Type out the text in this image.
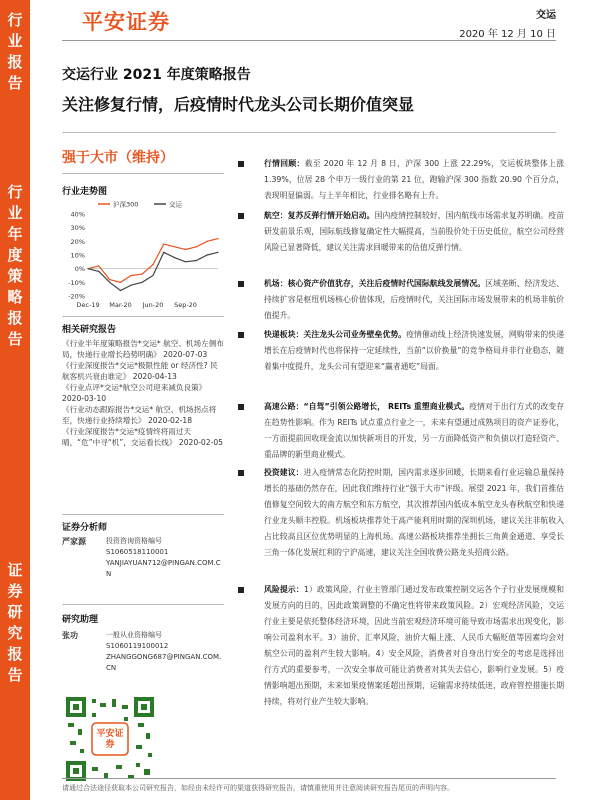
行
业
报
告
行
业
年
度
策
略
报
告
证
券
研
究
报
告
平安证券	交运
2020 年 12 月 10 日
交运行业 2021 年度策略报告
关注修复行情，后疫情时代龙头公司长期价值突显
强于大市（维持）
行业走势图
40%
30%
20%
10%
0%
-10%
-20%
Dec-19 Mar-20 Jun-20 Sep-20
沪深300	交运
相关研究报告
《行业半年度策略报告*交运* 航空、机场左侧布局，快递行业增长趋势明确》 2020-07-03
《行业深度报告*交运*极限性能 or 经济性? 民航客机兴衰由谁定》 2020-04-13
《行业点评*交运*航空公司迎来减负良策》 2020-03-10
《行业动态跟踪报告*交运* 航空、机场拐点将至，快递行业持续增长》 2020-02-18
《行业深度报告*交运*疫情终将雨过天晴，“危”中寻“机”，交运看长线》 2020-02-05
证券分析师
严家源	投资咨询资格编号
S1060518110001
YANJIAYUAN712@PINGAN.COM.CN
研究助理
张功	一般从业资格编号
S1060119100012
ZHANGGONG687@PINGAN.COM.CN
平安证券
行情回顾：截至 2020 年 12 月 8 日，沪深 300 上涨 22.29%，交运板块整体上涨 1.39%，位居 28 个申万一级行业的第 21 位，跑输沪深 300 指数 20.90 个百分点，表现明显偏弱。与上半年相比，行业排名略有上升。
航空：复苏反弹行情开始启动。国内疫情控制较好，国内航线市场需求复苏明确。疫苗研发前景乐观，国际航线修复确定性大幅提高，当前股价处于历史低位，航空公司经营风险已显著降低，建议关注需求回暖带来的估值反弹行情。
机场：核心资产价值犹存，关注后疫情时代国际航线发展情况。区域垄断、经济发达、持续扩容是枢纽机场核心价值体现，后疫情时代，关注国际市场发展带来的机场非航价值提升。
快递板块：关注龙头公司业务壁垒优势。疫情催动线上经济快速发展，网购带来的快递增长在后疫情时代也将保持一定延续性，当前“以价换量”的竞争格局并非行业稳态，随着集中度提升，龙头公司有望迎来“赢者通吃”局面。
高速公路：“自驾”引领公路增长， REITs 重塑商业模式。疫情对于出行方式的改变存在趋势性影响。作为 REITs 试点重点行业之一，未来有望通过成熟项目的资产证券化，一方面提前回收现金流以加快新项目的开发，另一方面降低资产和负债以打造轻资产、重品牌的新型商业模式。
投资建议：进入疫情常态化防控时期，国内需求逐步回暖，长期来看行业运输总量保持增长的基础仍然存在，因此我们维持行业“强于大市”评级。展望 2021 年，我们首推估值修复空间较大的南方航空和东方航空，其次推荐国内低成本航空龙头春秋航空和快递行业龙头顺丰控股。机场板块推荐处于高产能利用时期的深圳机场，建议关注非航收入占比较高且区位优势明显的上海机场。高速公路板块推荐坐拥长三角黄金通道、享受长三角一体化发展红利的宁沪高速，建议关注全国收费公路龙头招商公路。
风险提示：1）政策风险，行业主管部门通过发布政策控制交运各个子行业发展规模和发展方向的目的，因此政策调整的不确定性将带来政策风险。2）宏观经济风险，交运行业主要是依托整体经济环境，因此当前宏观经济环境可能导致市场需求出现变化，影响公司盈利水平。3）油价、汇率风险，油价大幅上涨、人民币大幅贬值等因素均会对航空公司的盈利产生较大影响。4）安全风险，消费者对自身出行安全的考虑是选择出行方式的重要参考，一次安全事故可能让消费者对其失去信心，影响行业发展。5）疫情影响超出预期，未来如果疫情案延超出预期，运输需求持续低迷，政府管控措施长期持续，将对行业产生较大影响。
请通过合法途径获取本公司研究报告，如经由未经许可的渠道获得研究报告，请慎重使用并注意阅读研究报告尾页的声明内容。
